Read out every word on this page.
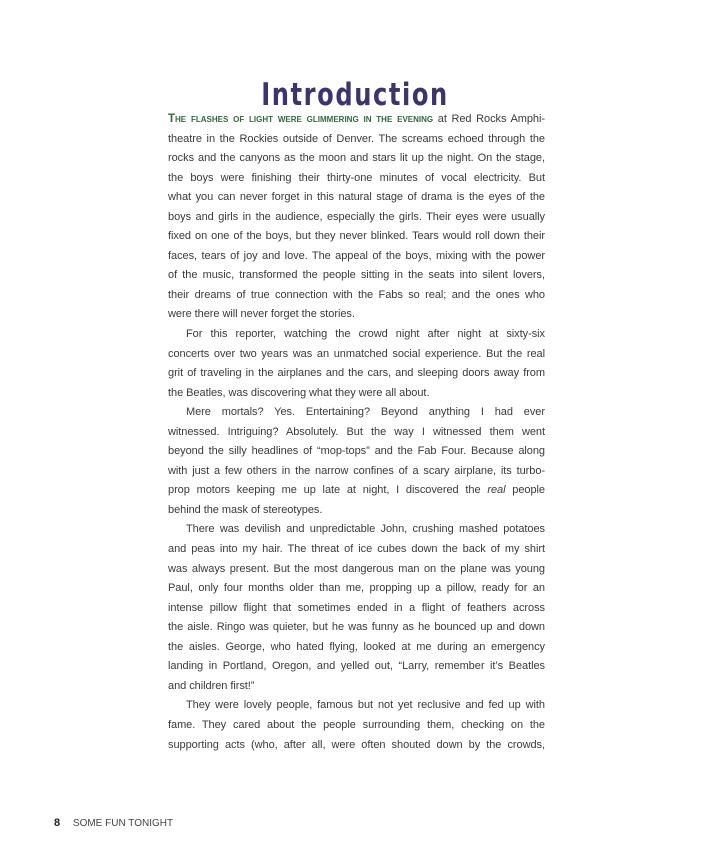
Introduction
The flashes of light were glimmering in the evening at Red Rocks Amphi-
theatre in the Rockies outside of Denver. The screams echoed through the
rocks and the canyons as the moon and stars lit up the night. On the stage,
the boys were finishing their thirty-one minutes of vocal electricity. But
what you can never forget in this natural stage of drama is the eyes of the
boys and girls in the audience, especially the girls. Their eyes were usually
fixed on one of the boys, but they never blinked. Tears would roll down their
faces, tears of joy and love. The appeal of the boys, mixing with the power
of the music, transformed the people sitting in the seats into silent lovers,
their dreams of true connection with the Fabs so real; and the ones who
were there will never forget the stories.
For this reporter, watching the crowd night after night at sixty-six
concerts over two years was an unmatched social experience. But the real
grit of traveling in the airplanes and the cars, and sleeping doors away from
the Beatles, was discovering what they were all about.
Mere mortals? Yes. Entertaining? Beyond anything I had ever
witnessed. Intriguing? Absolutely. But the way I witnessed them went
beyond the silly headlines of “mop-tops” and the Fab Four. Because along
with just a few others in the narrow confines of a scary airplane, its turbo-
prop motors keeping me up late at night, I discovered the real people
behind the mask of stereotypes.
There was devilish and unpredictable John, crushing mashed potatoes
and peas into my hair. The threat of ice cubes down the back of my shirt
was always present. But the most dangerous man on the plane was young
Paul, only four months older than me, propping up a pillow, ready for an
intense pillow flight that sometimes ended in a flight of feathers across
the aisle. Ringo was quieter, but he was funny as he bounced up and down
the aisles. George, who hated flying, looked at me during an emergency
landing in Portland, Oregon, and yelled out, “Larry, remember it’s Beatles
and children first!”
They were lovely people, famous but not yet reclusive and fed up with
fame. They cared about the people surrounding them, checking on the
supporting acts (who, after all, were often shouted down by the crowds,
8 SOME FUN TONIGHT
